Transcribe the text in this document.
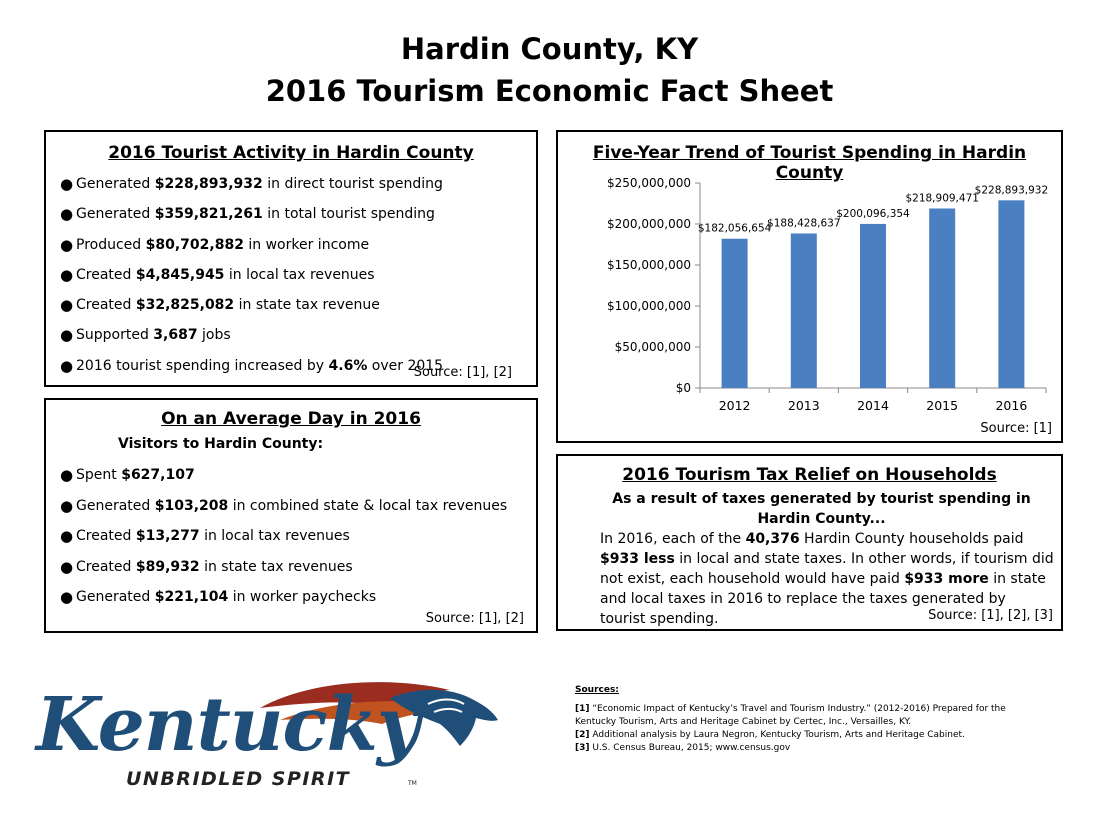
Hardin County, KY
2016 Tourism Economic Fact Sheet
2016 Tourist Activity in Hardin County
● Generated $228,893,932 in direct tourist spending
● Generated $359,821,261 in total tourist spending
● Produced $80,702,882 in worker income
● Created $4,845,945 in local tax revenues
● Created $32,825,082 in state tax revenue
● Supported 3,687 jobs
● 2016 tourist spending increased by 4.6% over 2015
Source: [1], [2]
On an Average Day in 2016
Visitors to Hardin County:
● Spent $627,107
● Generated $103,208 in combined state & local tax revenues
● Created $13,277 in local tax revenues
● Created $89,932 in state tax revenues
● Generated $221,104 in worker paychecks
Source: [1], [2]
Five-Year Trend of Tourist Spending in Hardin County
$0
$50,000,000
$100,000,000
$150,000,000
$200,000,000
$250,000,000
$182,056,654
2012
$188,428,637
2013
$200,096,354
2014
$218,909,471
2015
$228,893,932
2016
Source: [1]
2016 Tourism Tax Relief on Households
As a result of taxes generated by tourist spending in
Hardin County...

In 2016, each of the 40,376 Hardin County households paid $933 less in local and state taxes. In other words, if tourism did not exist, each household would have paid $933 more in state and local taxes in 2016 to replace the taxes generated by tourist spending.	Source: [1], [2], [3]
Kentucky
UNBRIDLED SPIRIT	TM
Sources:
[1] “Economic Impact of Kentucky’s Travel and Tourism Industry.” (2012-2016) Prepared for the Kentucky Tourism, Arts and Heritage Cabinet by Certec, Inc., Versailles, KY.
[2] Additional analysis by Laura Negron, Kentucky Tourism, Arts and Heritage Cabinet.
[3] U.S. Census Bureau, 2015; www.census.gov
